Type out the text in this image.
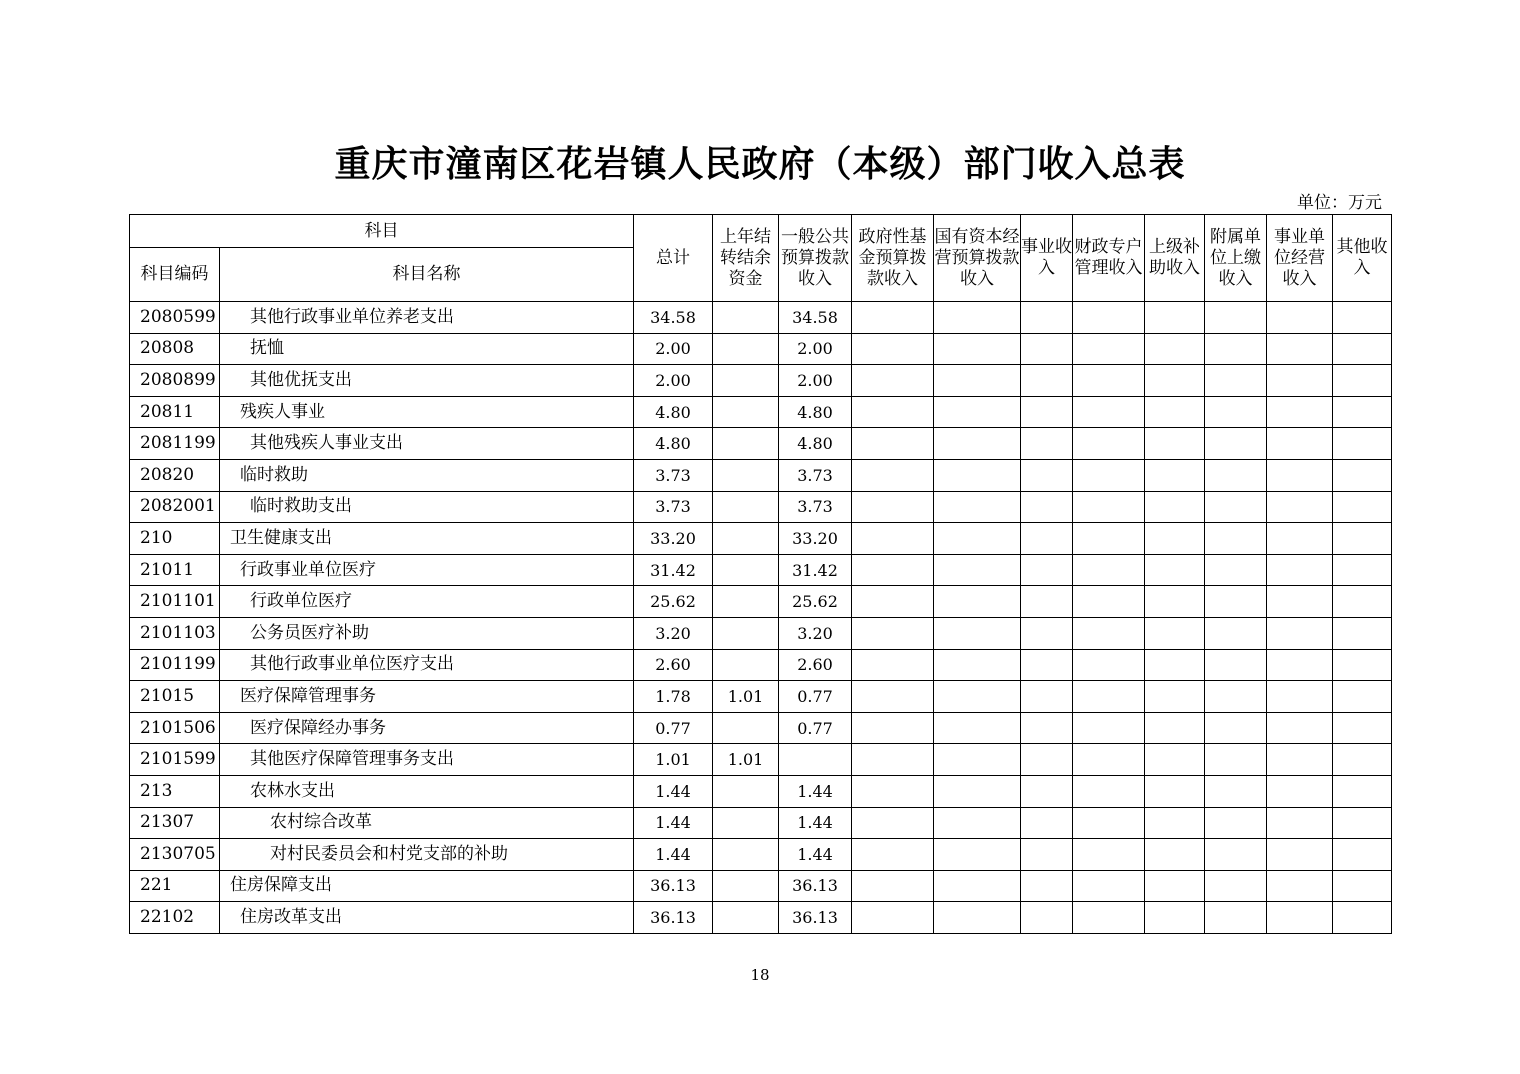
重庆市潼南区花岩镇人民政府（本级）部门收入总表
单位：万元
科目		总计	上年结转结余资金	一般公共预算拨款收入	政府性基金预算拨款收入	国有资本经营预算拨款收入	事业收入	财政专户管理收入	上级补助收入	附属单位上缴收入	事业单位经营收入	其他收入
科目编码	科目名称											
2080599	其他行政事业单位养老支出	34.58		34.58								
20808	抚恤	2.00		2.00								
2080899	其他优抚支出	2.00		2.00								
20811	残疾人事业	4.80		4.80								
2081199	其他残疾人事业支出	4.80		4.80								
20820	临时救助	3.73		3.73								
2082001	临时救助支出	3.73		3.73								
210	卫生健康支出	33.20		33.20								
21011	行政事业单位医疗	31.42		31.42								
2101101	行政单位医疗	25.62		25.62								
2101103	公务员医疗补助	3.20		3.20								
2101199	其他行政事业单位医疗支出	2.60		2.60								
21015	医疗保障管理事务	1.78	1.01	0.77								
2101506	医疗保障经办事务	0.77		0.77								
2101599	其他医疗保障管理事务支出	1.01	1.01									
213	农林水支出	1.44		1.44								
21307	农村综合改革	1.44		1.44								
2130705	对村民委员会和村党支部的补助	1.44		1.44								
221	住房保障支出	36.13		36.13								
22102	住房改革支出	36.13		36.13								
18
